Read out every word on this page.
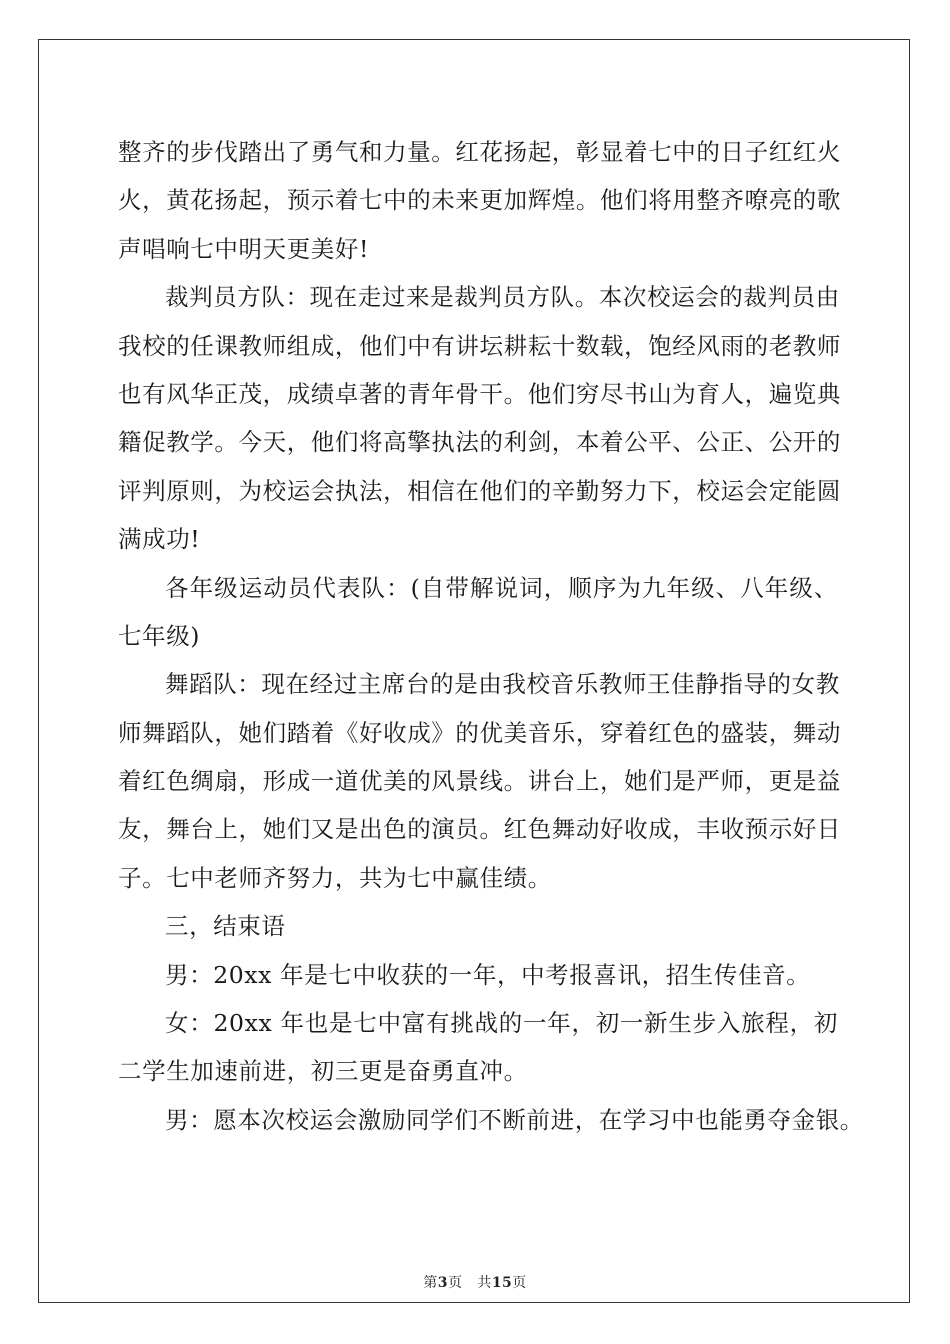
整齐的步伐踏出了勇气和力量。红花扬起，彰显着七中的日子红红火
火，黄花扬起，预示着七中的未来更加辉煌。他们将用整齐嘹亮的歌
声唱响七中明天更美好!
裁判员方队：现在走过来是裁判员方队。本次校运会的裁判员由
我校的任课教师组成，他们中有讲坛耕耘十数载，饱经风雨的老教师
也有风华正茂，成绩卓著的青年骨干。他们穷尽书山为育人，遍览典
籍促教学。今天，他们将高擎执法的利剑，本着公平、公正、公开的
评判原则，为校运会执法，相信在他们的辛勤努力下，校运会定能圆
满成功!
各年级运动员代表队：(自带解说词，顺序为九年级、八年级、
七年级)
舞蹈队：现在经过主席台的是由我校音乐教师王佳静指导的女教
师舞蹈队，她们踏着《好收成》的优美音乐，穿着红色的盛装，舞动
着红色绸扇，形成一道优美的风景线。讲台上，她们是严师，更是益
友，舞台上，她们又是出色的演员。红色舞动好收成，丰收预示好日
子。七中老师齐努力，共为七中赢佳绩。
三，结束语
男：20xx 年是七中收获的一年，中考报喜讯，招生传佳音。
女：20xx 年也是七中富有挑战的一年，初一新生步入旅程，初
二学生加速前进，初三更是奋勇直冲。
男：愿本次校运会激励同学们不断前进，在学习中也能勇夺金银。
第3页 共15页
